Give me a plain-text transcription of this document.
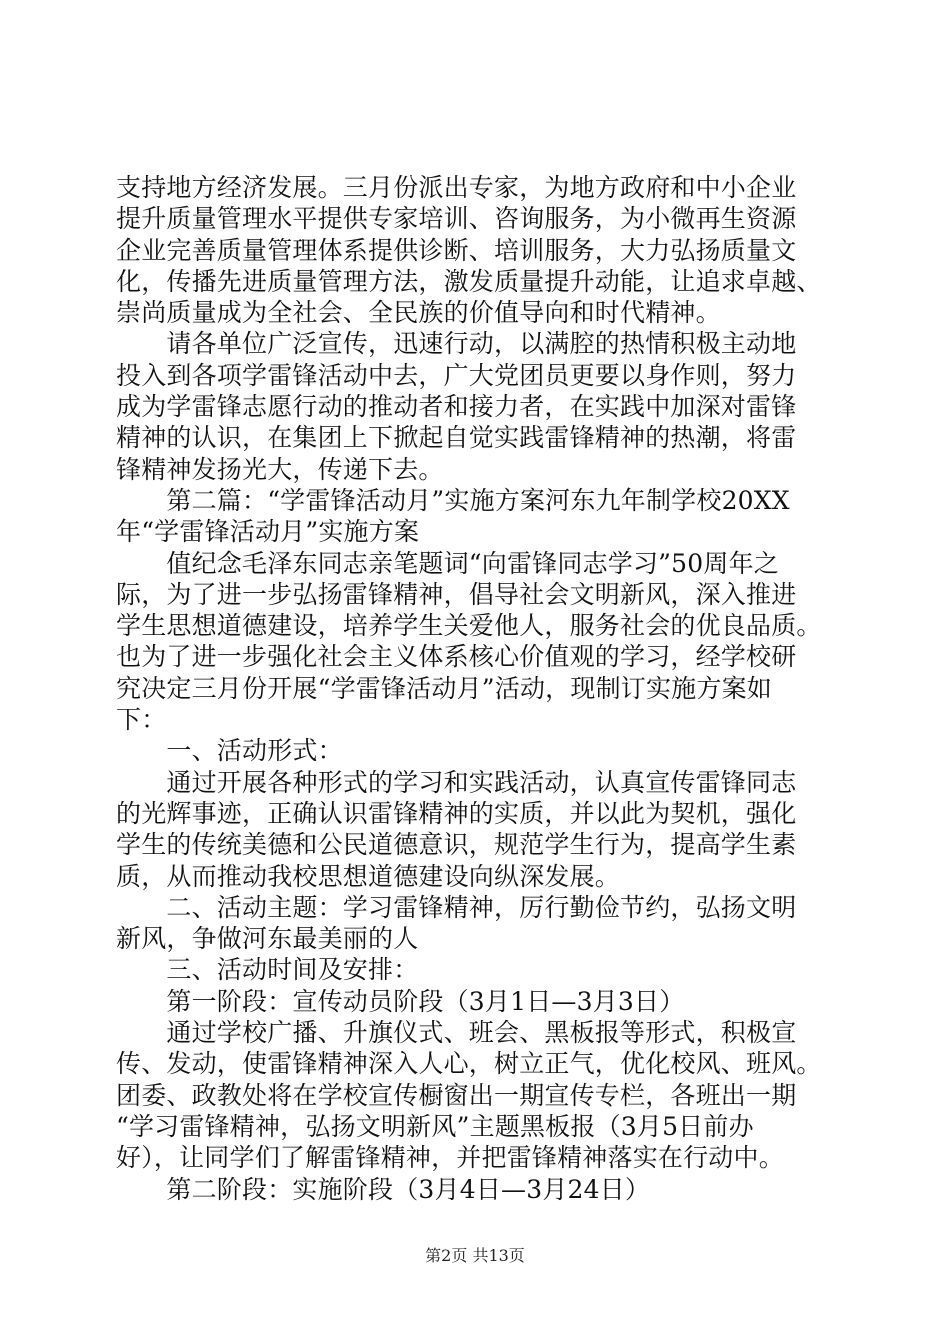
支持地方经济发展。三月份派出专家，为地方政府和中小企业
提升质量管理水平提供专家培训、咨询服务，为小微再生资源
企业完善质量管理体系提供诊断、培训服务，大力弘扬质量文
化，传播先进质量管理方法，激发质量提升动能，让追求卓越、
崇尚质量成为全社会、全民族的价值导向和时代精神。
　　请各单位广泛宣传，迅速行动，以满腔的热情积极主动地
投入到各项学雷锋活动中去，广大党团员更要以身作则，努力
成为学雷锋志愿行动的推动者和接力者，在实践中加深对雷锋
精神的认识，在集团上下掀起自觉实践雷锋精神的热潮，将雷
锋精神发扬光大，传递下去。
　　第二篇：“学雷锋活动月”实施方案河东九年制学校20XX
年“学雷锋活动月”实施方案
　　值纪念毛泽东同志亲笔题词“向雷锋同志学习”50周年之
际，为了进一步弘扬雷锋精神，倡导社会文明新风，深入推进
学生思想道德建设，培养学生关爱他人，服务社会的优良品质。
也为了进一步强化社会主义体系核心价值观的学习，经学校研
究决定三月份开展“学雷锋活动月”活动，现制订实施方案如
下：
　　一、活动形式：
　　通过开展各种形式的学习和实践活动，认真宣传雷锋同志
的光辉事迹，正确认识雷锋精神的实质，并以此为契机，强化
学生的传统美德和公民道德意识，规范学生行为，提高学生素
质，从而推动我校思想道德建设向纵深发展。
　　二、活动主题：学习雷锋精神，厉行勤俭节约，弘扬文明
新风，争做河东最美丽的人
　　三、活动时间及安排：
　　第一阶段：宣传动员阶段（3月1日—3月3日）
　　通过学校广播、升旗仪式、班会、黑板报等形式，积极宣
传、发动，使雷锋精神深入人心，树立正气，优化校风、班风。
团委、政教处将在学校宣传橱窗出一期宣传专栏，各班出一期
“学习雷锋精神，弘扬文明新风”主题黑板报（3月5日前办
好），让同学们了解雷锋精神，并把雷锋精神落实在行动中。
　　第二阶段：实施阶段（3月4日—3月24日）
第2页 共13页
